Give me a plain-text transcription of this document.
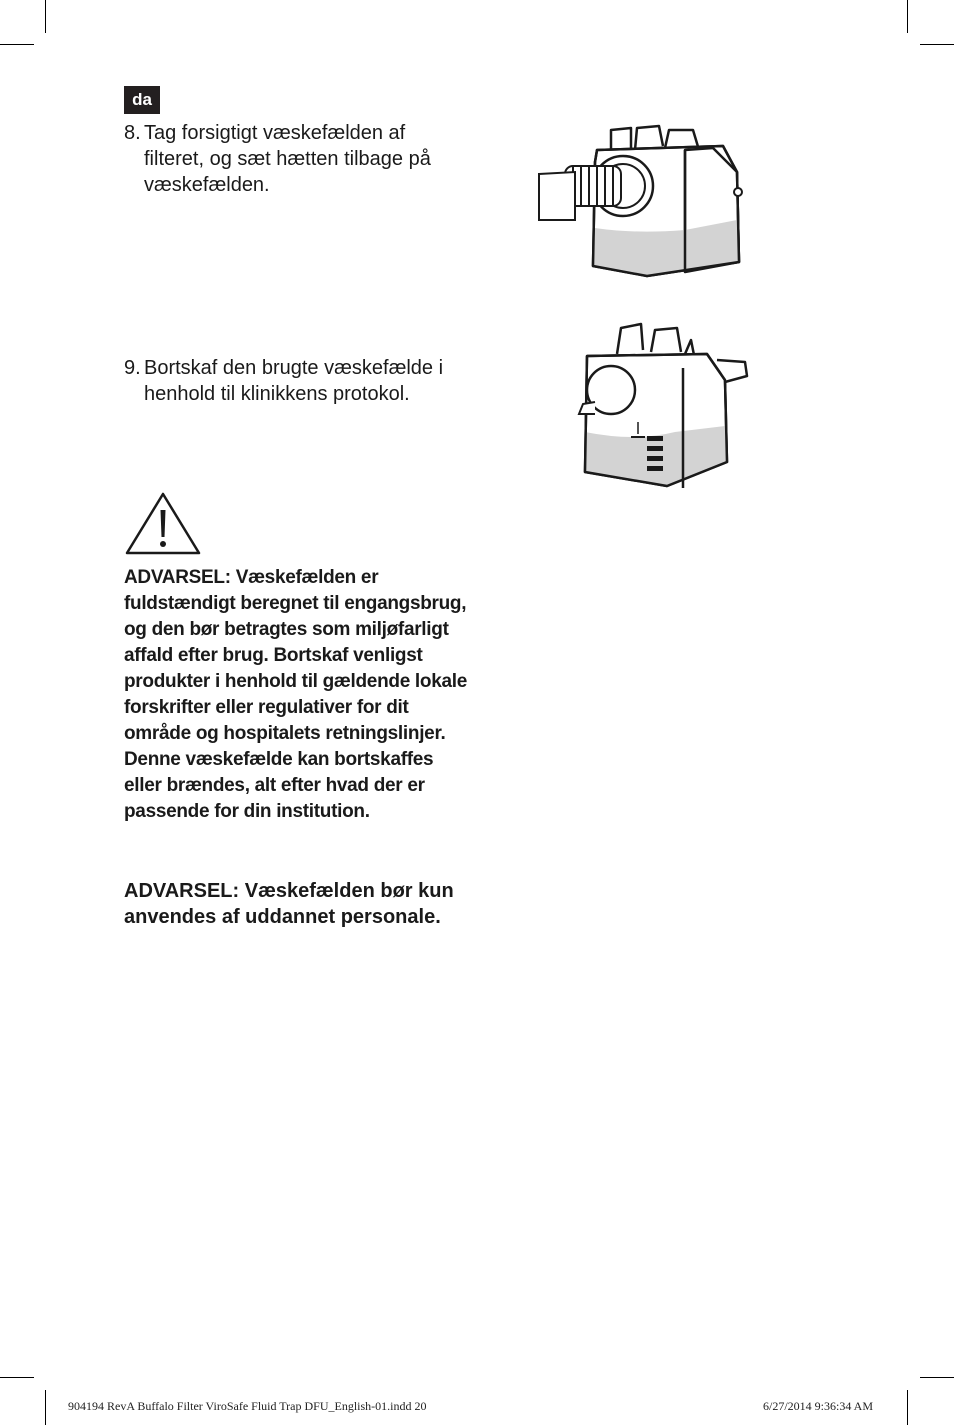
da
8. Tag forsigtigt væskefælden af filteret, og sæt hætten tilbage på væskefælden.
9. Bortskaf den brugte væskefælde i henhold til klinikkens protokol.
ADVARSEL: Væskefælden er fuldstændigt beregnet til engangsbrug, og den bør betragtes som miljøfarligt affald efter brug. Bortskaf venligst produkter i henhold til gældende lokale forskrifter eller regulativer for dit område og hospitalets retningslinjer. Denne væskefælde kan bortskaffes eller brændes, alt efter hvad der er passende for din institution.
ADVARSEL: Væskefælden bør kun anvendes af uddannet personale.
904194 RevA Buffalo Filter ViroSafe Fluid Trap DFU_English-01.indd 20	6/27/2014 9:36:34 AM
